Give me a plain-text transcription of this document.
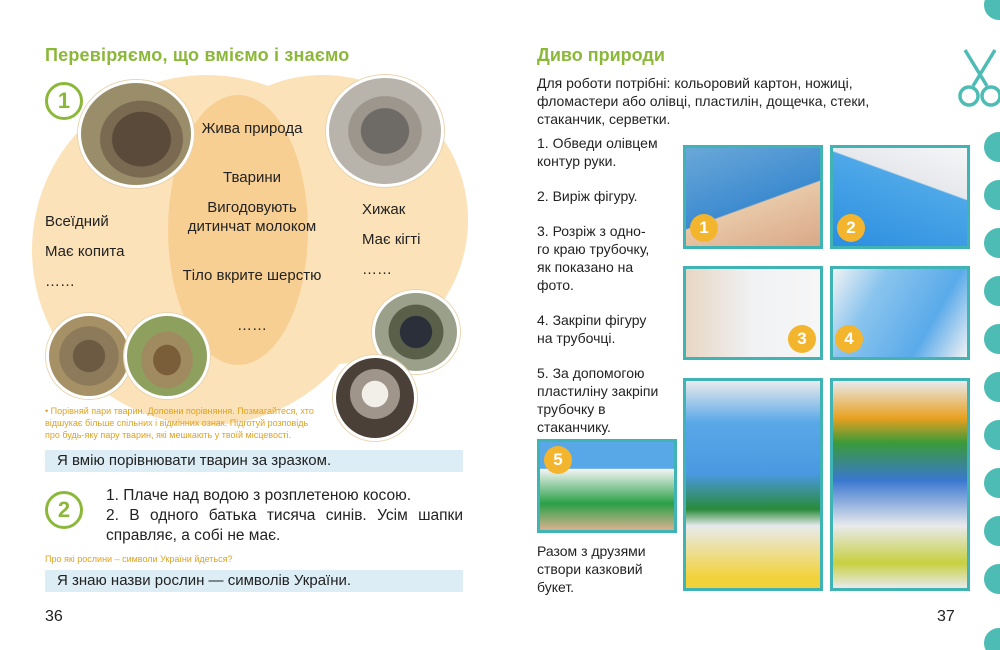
Перевіряємо, що вміємо і знаємо
1
Всеїдний
Має копита
……
Жива природа
Тварини
Вигодовують дитинчат молоком
Тіло вкрите шерстю
……
Хижак
Має кігті
……
• Порівняй пари тварин. Доповни порівняння. Позмагайтеся, хто
відшукає більше спільних і відмінних ознак. Підготуй розповідь
про будь-яку пару тварин, які мешкають у твоїй місцевості.
Я вмію порівнювати тварин за зразком.
2

1. Плаче над водою з розплетеною косою.

2. В одного батька тисяча синів. Усім шапки справляє, а собі не має.

Про які рослини – символи України йдеться?
Я знаю назви рослин — символів України.
36
Диво природи
Для роботи потрібні: кольоровий картон, ножиці, фломастери або олівці, пластилін, дощечка, стеки, стаканчик, серветки.
1. Обведи олівцем
контур руки.
2. Виріж фігуру.
3. Розріж з одно-
го краю трубочку,
як показано на
фото.
4. Закріпи фігуру
на трубочці.
5. За допомогою
пластиліну закріпи
трубочку в
стаканчику.
1	2
3	4
5
Разом з друзями
створи казковий
букет.
37
